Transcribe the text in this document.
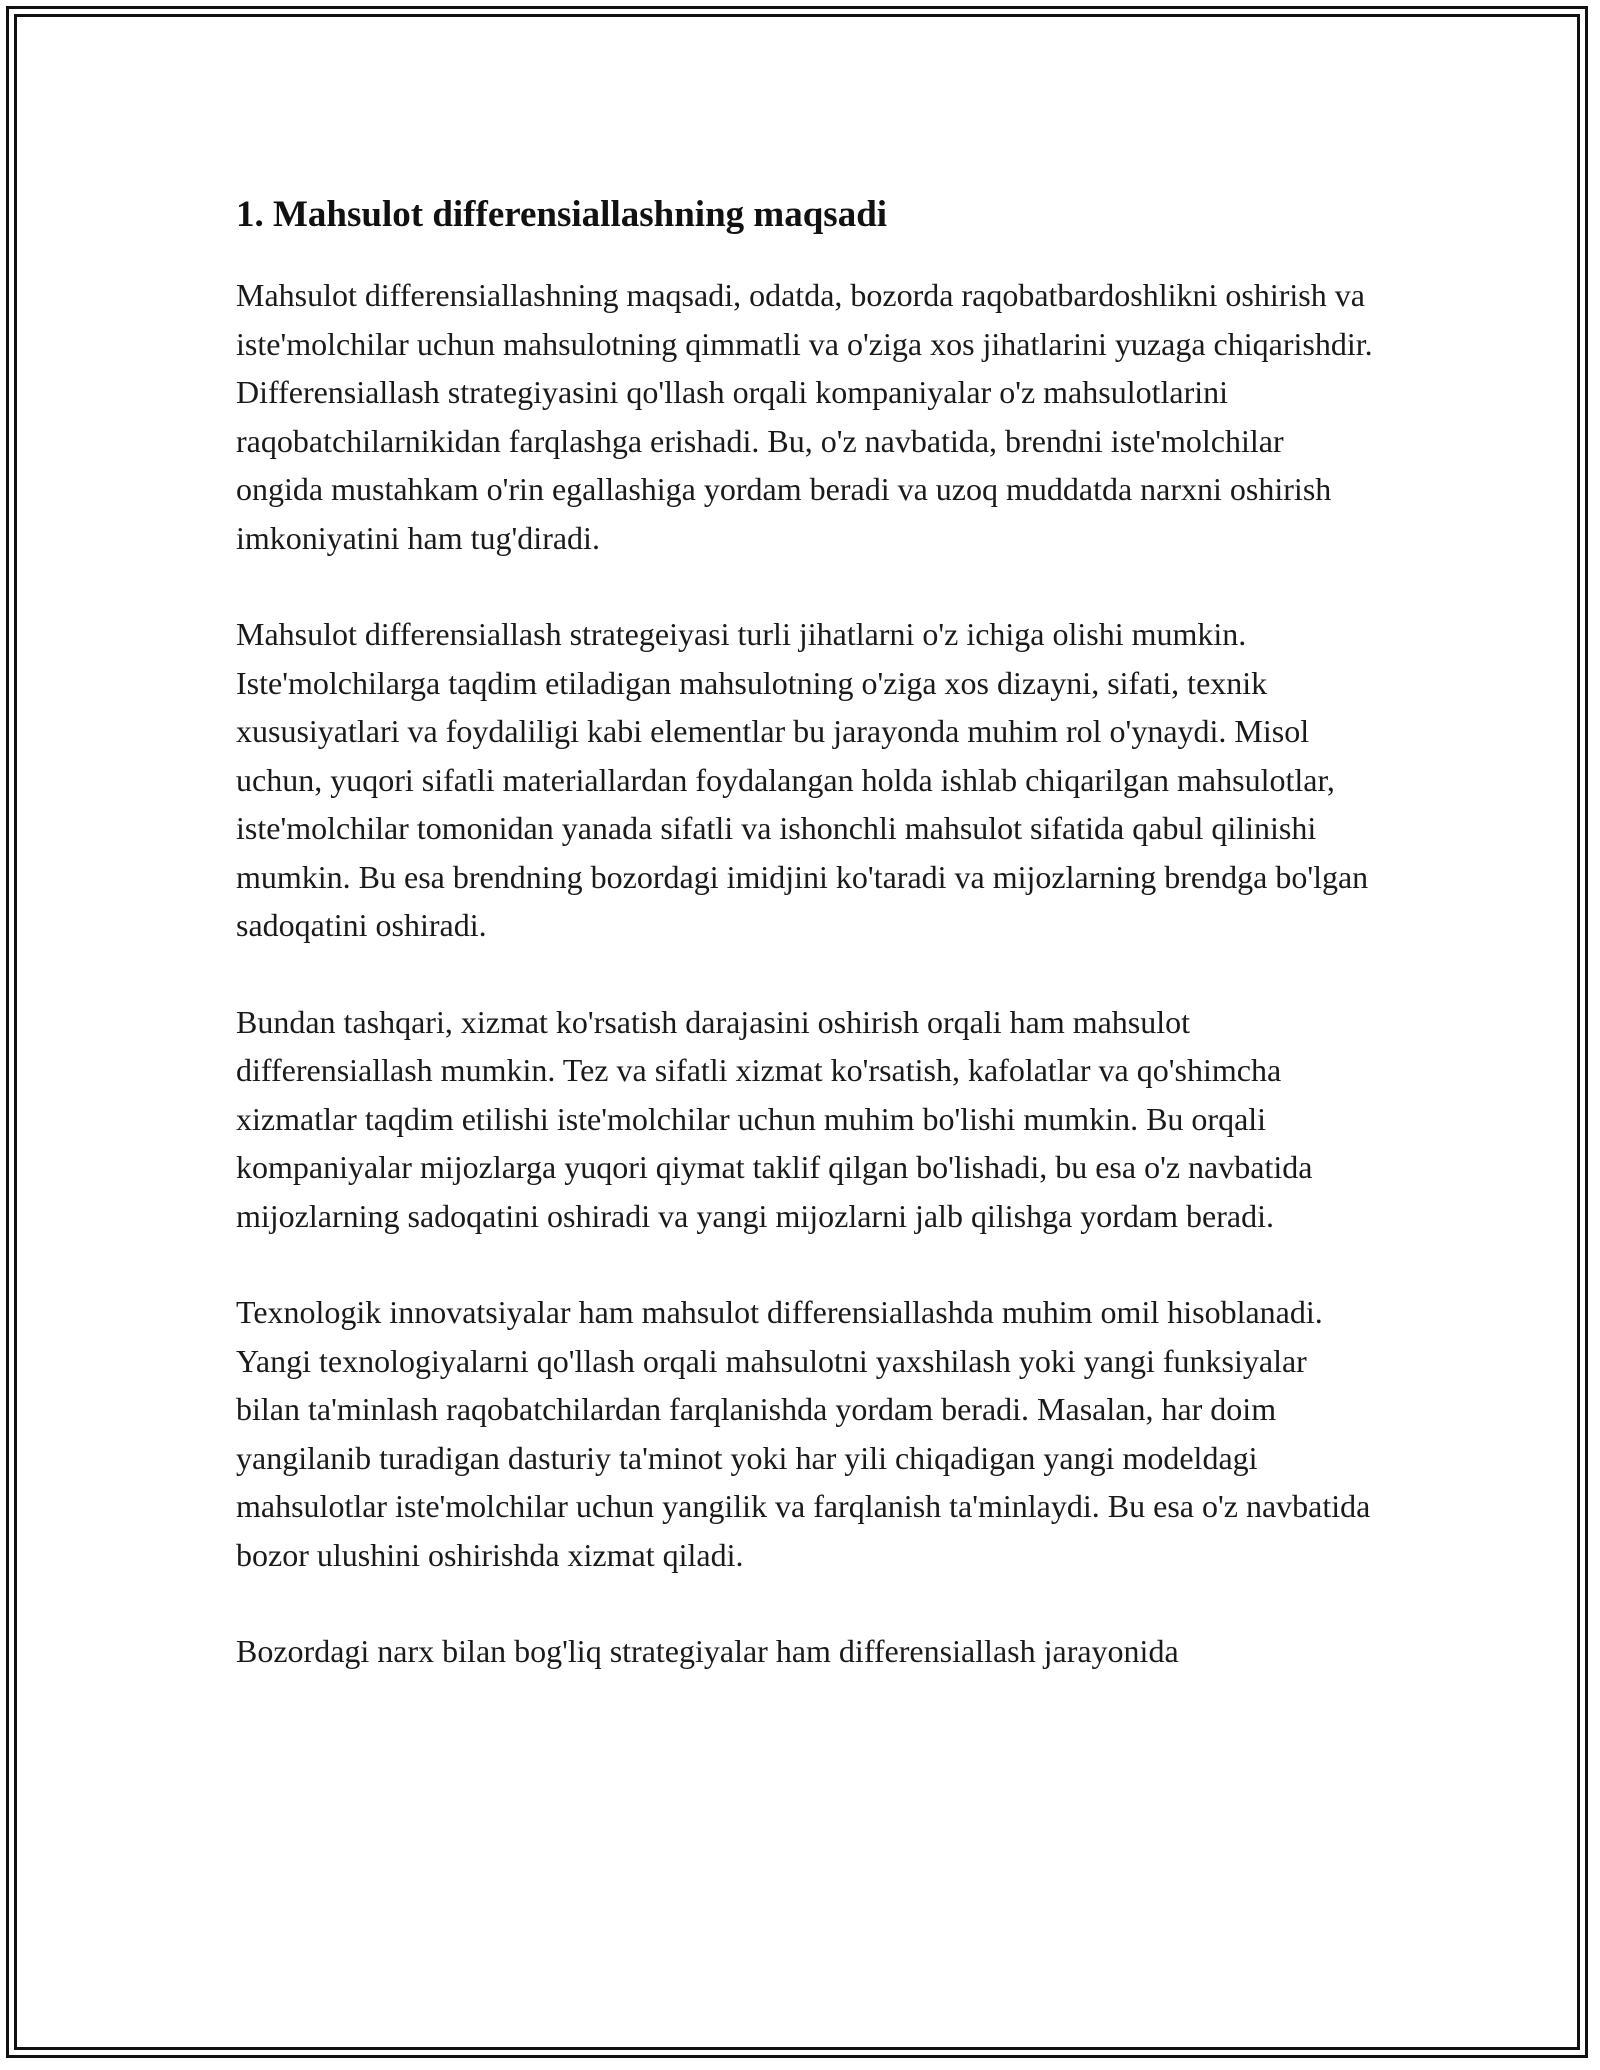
1. Mahsulot differensiallashning maqsadi

Mahsulot differensiallashning maqsadi, odatda, bozorda raqobatbardoshlikni oshirish va iste'molchilar uchun mahsulotning qimmatli va o'ziga xos jihatlarini yuzaga chiqarishdir. Differensiallash strategiyasini qo'llash orqali kompaniyalar o'z mahsulotlarini raqobatchilarnikidan farqlashga erishadi. Bu, o'z navbatida, brendni iste'molchilar ongida mustahkam o'rin egallashiga yordam beradi va uzoq muddatda narxni oshirish imkoniyatini ham tug'diradi.

Mahsulot differensiallash strategeiyasi turli jihatlarni o'z ichiga olishi mumkin. Iste'molchilarga taqdim etiladigan mahsulotning o'ziga xos dizayni, sifati, texnik xususiyatlari va foydaliligi kabi elementlar bu jarayonda muhim rol o'ynaydi. Misol uchun, yuqori sifatli materiallardan foydalangan holda ishlab chiqarilgan mahsulotlar, iste'molchilar tomonidan yanada sifatli va ishonchli mahsulot sifatida qabul qilinishi mumkin. Bu esa brendning bozordagi imidjini ko'taradi va mijozlarning brendga bo'lgan sadoqatini oshiradi.

Bundan tashqari, xizmat ko'rsatish darajasini oshirish orqali ham mahsulot differensiallash mumkin. Tez va sifatli xizmat ko'rsatish, kafolatlar va qo'shimcha xizmatlar taqdim etilishi iste'molchilar uchun muhim bo'lishi mumkin. Bu orqali kompaniyalar mijozlarga yuqori qiymat taklif qilgan bo'lishadi, bu esa o'z navbatida mijozlarning sadoqatini oshiradi va yangi mijozlarni jalb qilishga yordam beradi.

Texnologik innovatsiyalar ham mahsulot differensiallashda muhim omil hisoblanadi. Yangi texnologiyalarni qo'llash orqali mahsulotni yaxshilash yoki yangi funksiyalar bilan ta'minlash raqobatchilardan farqlanishda yordam beradi. Masalan, har doim yangilanib turadigan dasturiy ta'minot yoki har yili chiqadigan yangi modeldagi mahsulotlar iste'molchilar uchun yangilik va farqlanish ta'minlaydi. Bu esa o'z navbatida bozor ulushini oshirishda xizmat qiladi.

Bozordagi narx bilan bog'liq strategiyalar ham differensiallash jarayonida
